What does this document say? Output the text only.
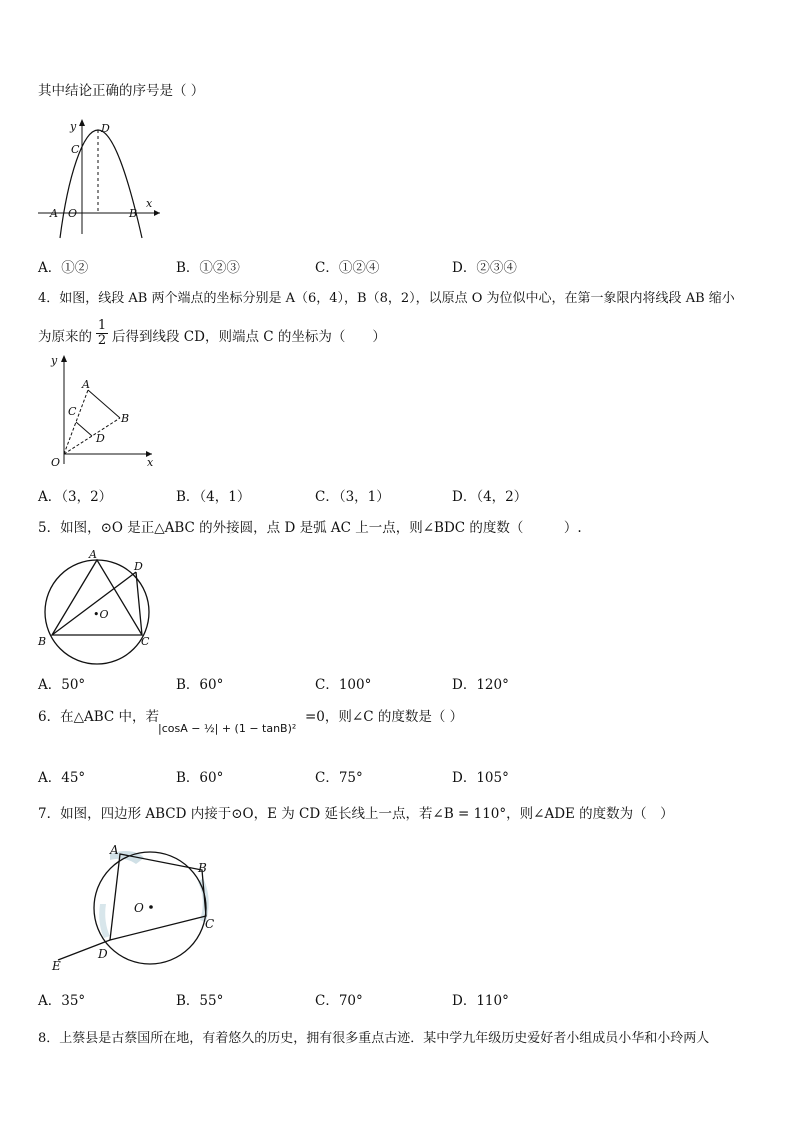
其中结论正确的序号是（ ）
y
x
D
C
A O	B
A．①②	B．①②③	C．①②④	D．②③④
4．如图，线段 AB 两个端点的坐标分别是 A（6，4），B（8，2），以原点 O 为位似中心，在第一象限内将线段 AB 缩小
为原来的 $\frac{1}{2}$ 后得到线段 CD，则端点 C 的坐标为（　　）
y
x
A
B
C
D
O
A．（3，2）	B．（4，1）	C．（3，1）	D．（4，2）
5．如图，⊙O 是正△ABC 的外接圆，点 D 是弧 AC 上一点，则∠BDC 的度数（　　　）.
A
B	C
D
•O
A．50°	B．60°	C．100°	D．120°
6．在△ABC 中，若
|cosA − ½| + (1 − tanB)²
=0，则∠C 的度数是（ ）
A．45°	B．60°	C．75°	D．105°
7．如图，四边形 ABCD 内接于⊙O，E 为 CD 延长线上一点，若∠B = 110°，则∠ADE 的度数为（　）
A
B
C
D
E
O
A．35°	B．55°	C．70°	D．110°
8．上蔡县是古蔡国所在地，有着悠久的历史，拥有很多重点古迹．某中学九年级历史爱好者小组成员小华和小玲两人
